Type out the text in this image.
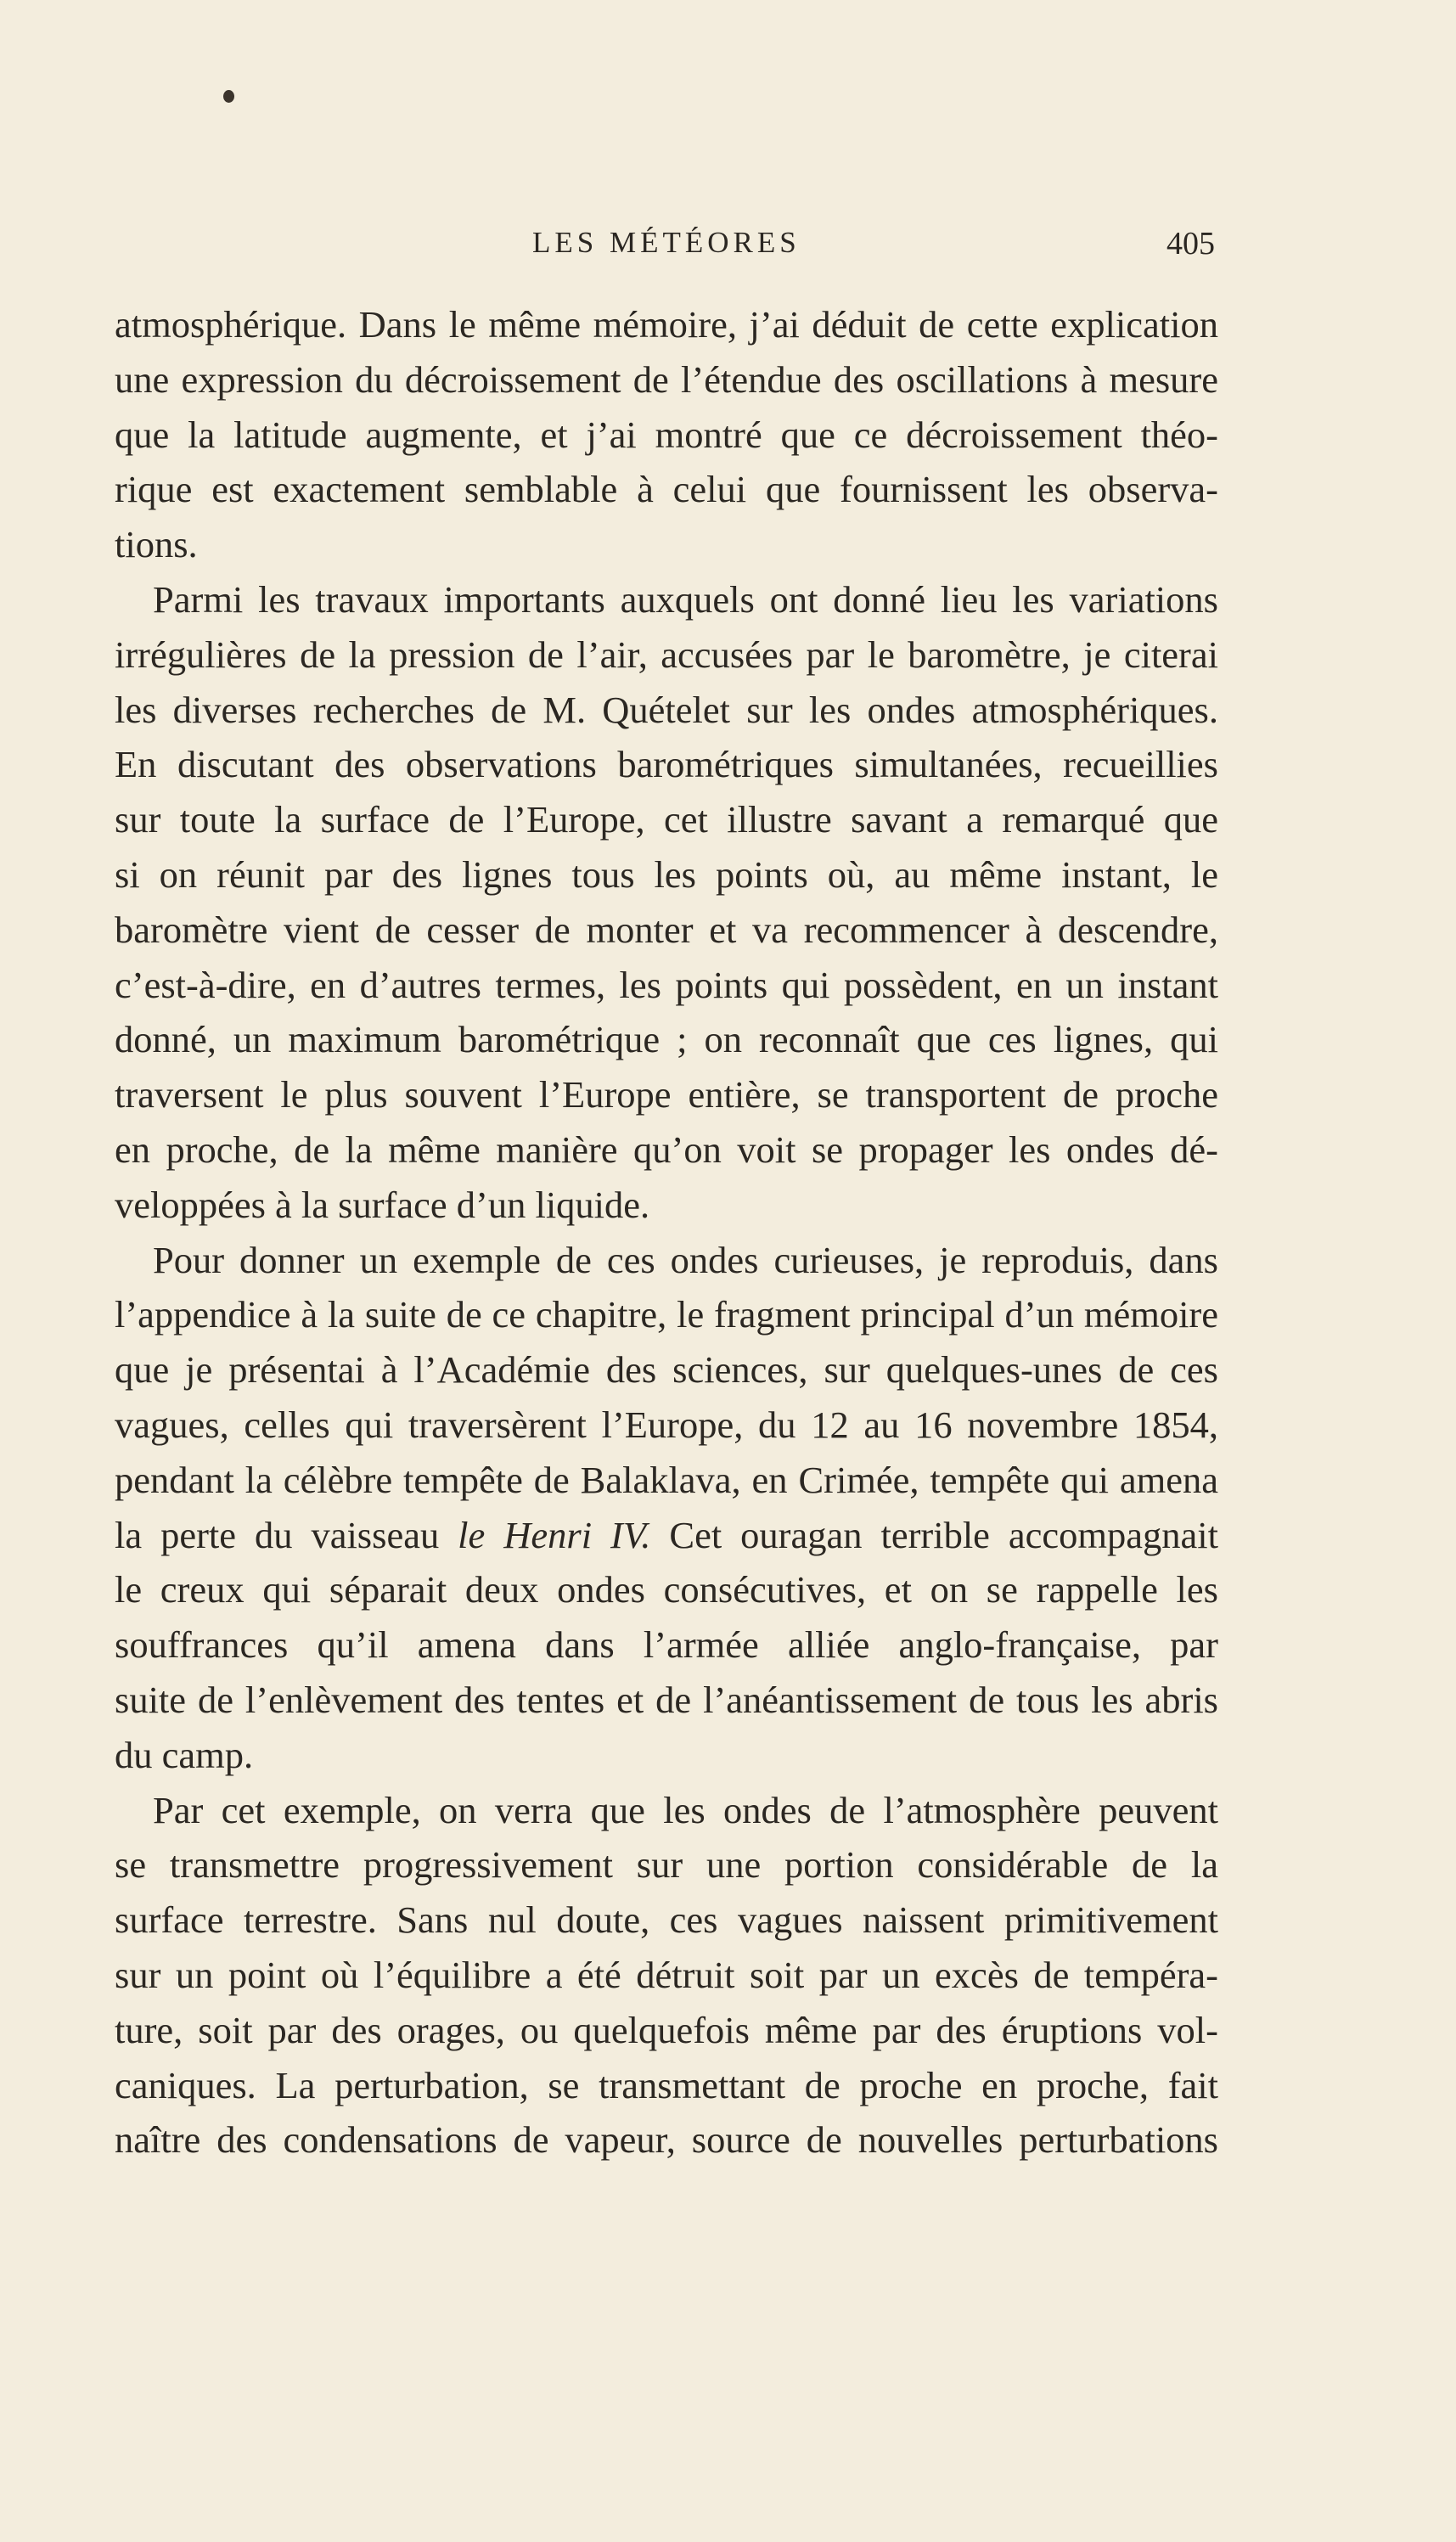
LES MÉTÉORES	405
atmosphérique. Dans le même mémoire, j’ai déduit de cette explication
une expression du décroissement de l’étendue des oscillations à mesure
que la latitude augmente, et j’ai montré que ce décroissement théo-
rique est exactement semblable à celui que fournissent les observa-
tions.
Parmi les travaux importants auxquels ont donné lieu les variations
irrégulières de la pression de l’air, accusées par le baromètre, je citerai
les diverses recherches de M. Quételet sur les ondes atmosphériques.
En discutant des observations barométriques simultanées, recueillies
sur toute la surface de l’Europe, cet illustre savant a remarqué que
si on réunit par des lignes tous les points où, au même instant, le
baromètre vient de cesser de monter et va recommencer à descendre,
c’est-à-dire, en d’autres termes, les points qui possèdent, en un instant
donné, un maximum barométrique ; on reconnaît que ces lignes, qui
traversent le plus souvent l’Europe entière, se transportent de proche
en proche, de la même manière qu’on voit se propager les ondes dé-
veloppées à la surface d’un liquide.
Pour donner un exemple de ces ondes curieuses, je reproduis, dans
l’appendice à la suite de ce chapitre, le fragment principal d’un mémoire
que je présentai à l’Académie des sciences, sur quelques-unes de ces
vagues, celles qui traversèrent l’Europe, du 12 au 16 novembre 1854,
pendant la célèbre tempête de Balaklava, en Crimée, tempête qui amena
la perte du vaisseau le Henri IV. Cet ouragan terrible accompagnait
le creux qui séparait deux ondes consécutives, et on se rappelle les
souffrances qu’il amena dans l’armée alliée anglo-française, par
suite de l’enlèvement des tentes et de l’anéantissement de tous les abris
du camp.
Par cet exemple, on verra que les ondes de l’atmosphère peuvent
se transmettre progressivement sur une portion considérable de la
surface terrestre. Sans nul doute, ces vagues naissent primitivement
sur un point où l’équilibre a été détruit soit par un excès de tempéra-
ture, soit par des orages, ou quelquefois même par des éruptions vol-
caniques. La perturbation, se transmettant de proche en proche, fait
naître des condensations de vapeur, source de nouvelles perturbations
